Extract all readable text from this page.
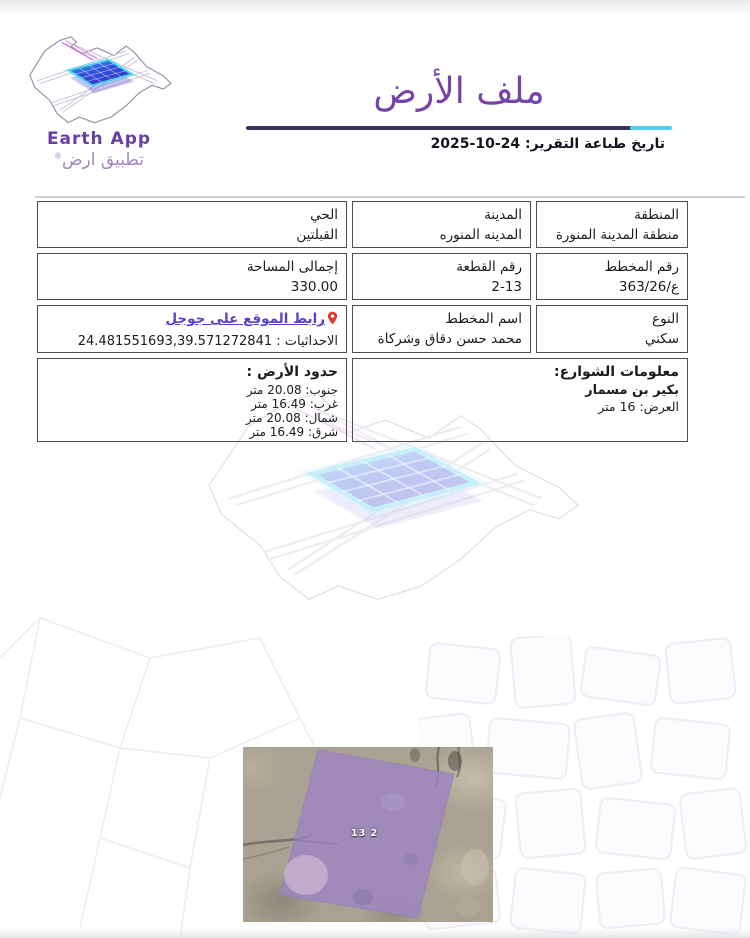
Earth App
تطبيق ارض®
ملف الأرض
تاريخ طباعة التقرير: 24-10-2025
المنطقة
منطقة المدينة المنورة
المدينة
المدينه المنوره
الحي
القبلتين
رقم المخطط
363/26/ع
رقم القطعة
2-13
إجمالى المساحة
330.00
النوع
سكني
اسم المخطط
محمد حسن دقاق وشركاة
رابط الموقع على جوجل
الاحداثيات : 24.481551693,39.571272841
معلومات الشوارع:
بكير بن مسمار
العرض: 16 متر
حدود الأرض :
جنوب: 20.08 متر
غرب: 16.49 متر
شمال: 20.08 متر
شرق: 16.49 متر
13 2
